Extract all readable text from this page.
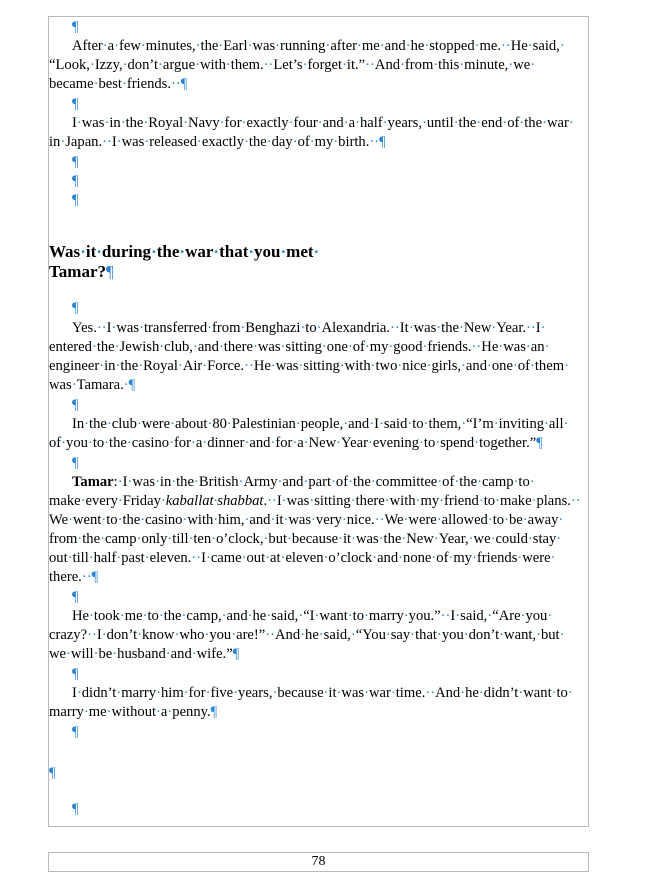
¶
After·a·few·minutes,·the·Earl·was·running·after·me·and·he·stopped·me.··He·said,·
“Look,·Izzy,·don’t·argue·with·them.··Let’s·forget·it.”··And·from·this·minute,·we·
became·best·friends.··¶
¶
I·was·in·the·Royal·Navy·for·exactly·four·and·a·half·years,·until·the·end·of·the·war·
in·Japan.··I·was·released·exactly·the·day·of·my·birth.··¶
¶
¶
¶
Was·it·during·the·war·that·you·met·
Tamar?¶
¶
Yes.··I·was·transferred·from·Benghazi·to·Alexandria.··It·was·the·New·Year.··I·
entered·the·Jewish·club,·and·there·was·sitting·one·of·my·good·friends.··He·was·an·
engineer·in·the·Royal·Air·Force.··He·was·sitting·with·two·nice·girls,·and·one·of·them·
was·Tamara.·¶
¶
In·the·club·were·about·80·Palestinian·people,·and·I·said·to·them,·“I’m·inviting·all·
of·you·to·the·casino·for·a·dinner·and·for·a·New·Year·evening·to·spend·together.”¶
¶
Tamar:·I·was·in·the·British·Army·and·part·of·the·committee·of·the·camp·to·
make·every·Friday·kaballat·shabbat.··I·was·sitting·there·with·my·friend·to·make·plans.··
We·went·to·the·casino·with·him,·and·it·was·very·nice.··We·were·allowed·to·be·away·
from·the·camp·only·till·ten·o’clock,·but·because·it·was·the·New·Year,·we·could·stay·
out·till·half·past·eleven.··I·came·out·at·eleven·o’clock·and·none·of·my·friends·were·
there.··¶
¶
He·took·me·to·the·camp,·and·he·said,·“I·want·to·marry·you.”··I·said,·“Are·you·
crazy?··I·don’t·know·who·you·are!”··And·he·said,·“You·say·that·you·don’t·want,·but·
we·will·be·husband·and·wife.”¶
¶
I·didn’t·marry·him·for·five·years,·because·it·was·war·time.··And·he·didn’t·want·to·
marry·me·without·a·penny.¶
¶
¶
¶
78
